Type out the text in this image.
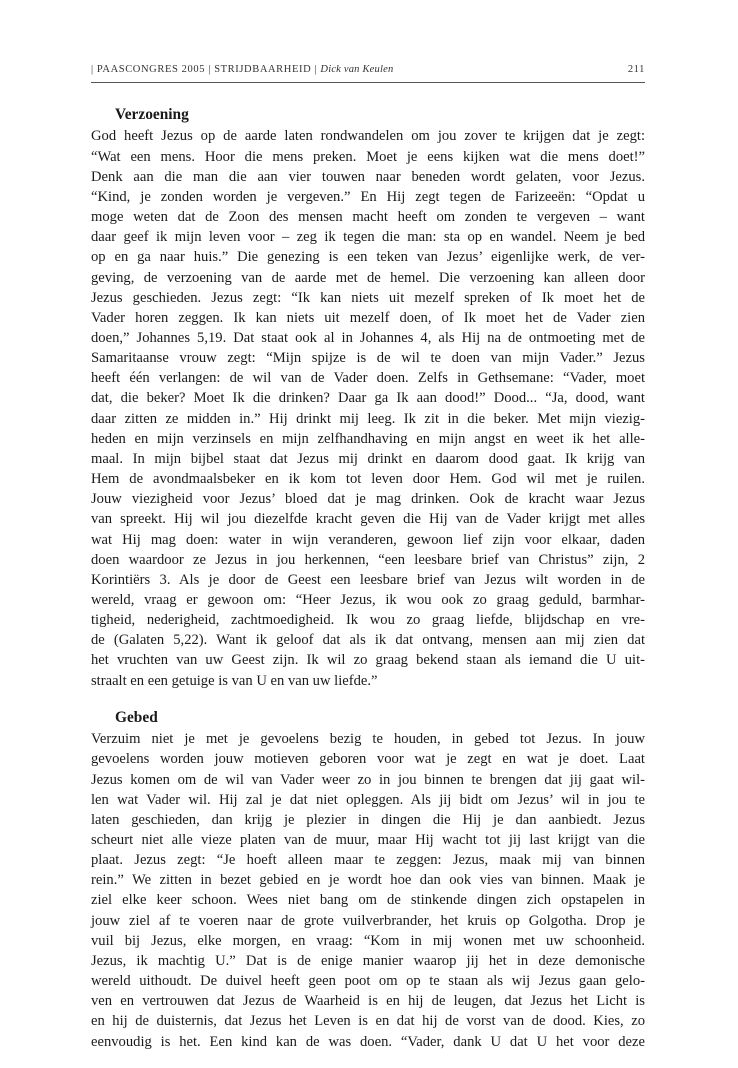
| PAASCONGRES 2005 | STRIJDBAARHEID | Dick van Keulen	211
Verzoening
God heeft Jezus op de aarde laten rondwandelen om jou zover te krijgen dat je zegt:
“Wat een mens. Hoor die mens preken. Moet je eens kijken wat die mens doet!”
Denk aan die man die aan vier touwen naar beneden wordt gelaten, voor Jezus.
“Kind, je zonden worden je vergeven.” En Hij zegt tegen de Farizeeën: “Opdat u
moge weten dat de Zoon des mensen macht heeft om zonden te vergeven – want
daar geef ik mijn leven voor – zeg ik tegen die man: sta op en wandel. Neem je bed
op en ga naar huis.” Die genezing is een teken van Jezus’ eigenlijke werk, de ver-
geving, de verzoening van de aarde met de hemel. Die verzoening kan alleen door
Jezus geschieden. Jezus zegt: “Ik kan niets uit mezelf spreken of Ik moet het de
Vader horen zeggen. Ik kan niets uit mezelf doen, of Ik moet het de Vader zien
doen,” Johannes 5,19. Dat staat ook al in Johannes 4, als Hij na de ontmoeting met de
Samaritaanse vrouw zegt: “Mijn spijze is de wil te doen van mijn Vader.” Jezus
heeft één verlangen: de wil van de Vader doen. Zelfs in Gethsemane: “Vader, moet
dat, die beker? Moet Ik die drinken? Daar ga Ik aan dood!” Dood... “Ja, dood, want
daar zitten ze midden in.” Hij drinkt mij leeg. Ik zit in die beker. Met mijn viezig-
heden en mijn verzinsels en mijn zelfhandhaving en mijn angst en weet ik het alle-
maal. In mijn bijbel staat dat Jezus mij drinkt en daarom dood gaat. Ik krijg van
Hem de avondmaalsbeker en ik kom tot leven door Hem. God wil met je ruilen.
Jouw viezigheid voor Jezus’ bloed dat je mag drinken. Ook de kracht waar Jezus
van spreekt. Hij wil jou diezelfde kracht geven die Hij van de Vader krijgt met alles
wat Hij mag doen: water in wijn veranderen, gewoon lief zijn voor elkaar, daden
doen waardoor ze Jezus in jou herkennen, “een leesbare brief van Christus” zijn, 2
Korintiërs 3. Als je door de Geest een leesbare brief van Jezus wilt worden in de
wereld, vraag er gewoon om: “Heer Jezus, ik wou ook zo graag geduld, barmhar-
tigheid, nederigheid, zachtmoedigheid. Ik wou zo graag liefde, blijdschap en vre-
de (Galaten 5,22). Want ik geloof dat als ik dat ontvang, mensen aan mij zien dat
het vruchten van uw Geest zijn. Ik wil zo graag bekend staan als iemand die U uit-
straalt en een getuige is van U en van uw liefde.”
Gebed
Verzuim niet je met je gevoelens bezig te houden, in gebed tot Jezus. In jouw
gevoelens worden jouw motieven geboren voor wat je zegt en wat je doet. Laat
Jezus komen om de wil van Vader weer zo in jou binnen te brengen dat jij gaat wil-
len wat Vader wil. Hij zal je dat niet opleggen. Als jij bidt om Jezus’ wil in jou te
laten geschieden, dan krijg je plezier in dingen die Hij je dan aanbiedt. Jezus
scheurt niet alle vieze platen van de muur, maar Hij wacht tot jij last krijgt van die
plaat. Jezus zegt: “Je hoeft alleen maar te zeggen: Jezus, maak mij van binnen
rein.” We zitten in bezet gebied en je wordt hoe dan ook vies van binnen. Maak je
ziel elke keer schoon. Wees niet bang om de stinkende dingen zich opstapelen in
jouw ziel af te voeren naar de grote vuilverbrander, het kruis op Golgotha. Drop je
vuil bij Jezus, elke morgen, en vraag: “Kom in mij wonen met uw schoonheid.
Jezus, ik machtig U.” Dat is de enige manier waarop jij het in deze demonische
wereld uithoudt. De duivel heeft geen poot om op te staan als wij Jezus gaan gelo-
ven en vertrouwen dat Jezus de Waarheid is en hij de leugen, dat Jezus het Licht is
en hij de duisternis, dat Jezus het Leven is en dat hij de vorst van de dood. Kies, zo
eenvoudig is het. Een kind kan de was doen. “Vader, dank U dat U het voor deze
